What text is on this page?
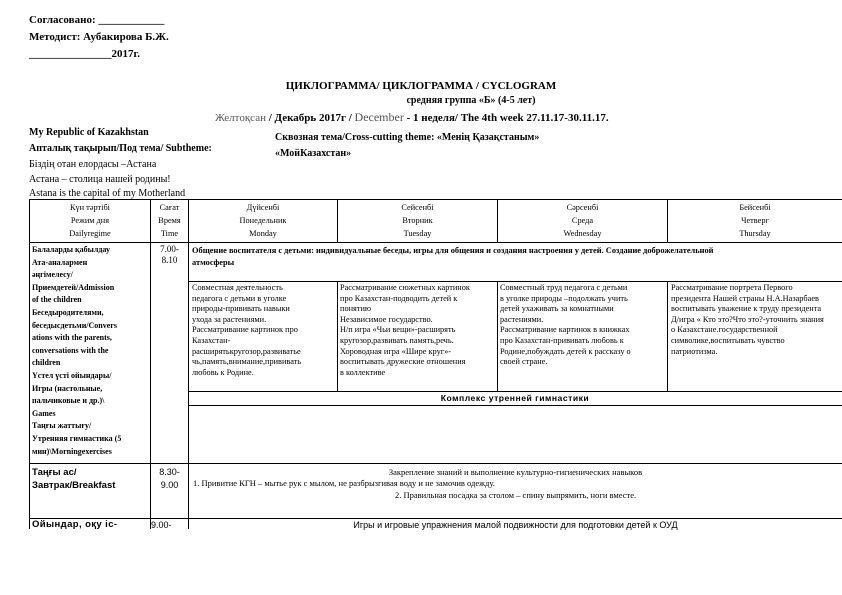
Согласовано: ____________
Методист: Аубакирова Б.Ж.
_______________2017г.
ЦИКЛОГРАММА/ ЦИКЛОГРАММА / CYCLOGRAM
средняя группа «Б» (4-5 лет)
Желтоқсан / Декабрь 2017г / December - 1 неделя/ The 4th week 27.11.17-30.11.17.
My Republic of Kazakhstan
Апталық тақырып/Под тема/ Subtheme:
Біздің отан елордасы –Астана
Астана – столица нашей родины!
Astana is the capital of my Motherland
Сквозная тема/Cross-cutting theme: «Менің Қазақстаным»
«МойКазахстан»
Күн тәртібі
Режим дня
Dailyregime
Сағат
Время
Time
Дүйсенбі
Понедельник
Monday
Сейсенбі
Вторник
Tuesday
Сәрсенбі
Среда
Wednesday
Бейсенбі
Четверг
Thursday
Балаларды қабылдау
Ата-аналармен
әңгімелесу/
Приемдетей/Admission
of the children
Беседыродителями,
беседысдетьми/Convers
ations with the parents,
conversations with the
children
Үстел үсті ойындары/
Игры (настольные,
пальчиковые и др.)\
Games
Таңғы жаттығу/
Утренняя гимнастика (5
мин)\Morningexercises
7.00-
8.10
Общение воспитателя с детьми: индивидуальные беседы, игры для общения и создания настроения у детей. Создание доброжелательной
атмосферы
Совместная деятельность
педагога с детьми в уголке
природы-прививать навыки
ухода за растениями.
Рассматривание картинок про
Казахстан-
расширятькругозор,развиватье
чь,память,внимание,прививать
любовь к Родине.
Рассматривание сюжетных картинок
про Казахстан-подводить детей к
понятию
Независимое государство.
Н/п игра «Чьи вещи»-расширять
кругозор,развивать память,речь.
Хороводная игра «Шире круг»-
воспитывать дружеские отношения
в коллективе
Совместный труд педагога с детьми
в уголке природы –подолжать учить
детей ухаживать за комнатными
растениями.
Рассматривание картинок в книжках
про Казахстан-прививать любовь к
Родине,побуждать детей к рассказу о
своей стране.
Рассматривание портрета Первого
президента Нашей страны Н.А.Назарбаев
воспитывать уважение к труду президента
Д/игра « Кто это?Что это?-уточнить знания
о Казахстане.государственной
символике,воспитывать чувство
патриотизма.
Комплекс утренней гимнастики
Таңғы ас/
Завтрак/Breakfast
8.30-
9.00
Закрепление знаний и выполнение культурно-гигиенических навыков
1. Привитие КГН – мытье рук с мылом, не разбрызгивая воду и не замочив одежду.
2. Правильная посадка за столом – спину выпрямить, ноги вместе.
Ойындар, оқу іс-	9.00-	Игры и игровые упражнения малой подвижности для подготовки детей к ОУД
